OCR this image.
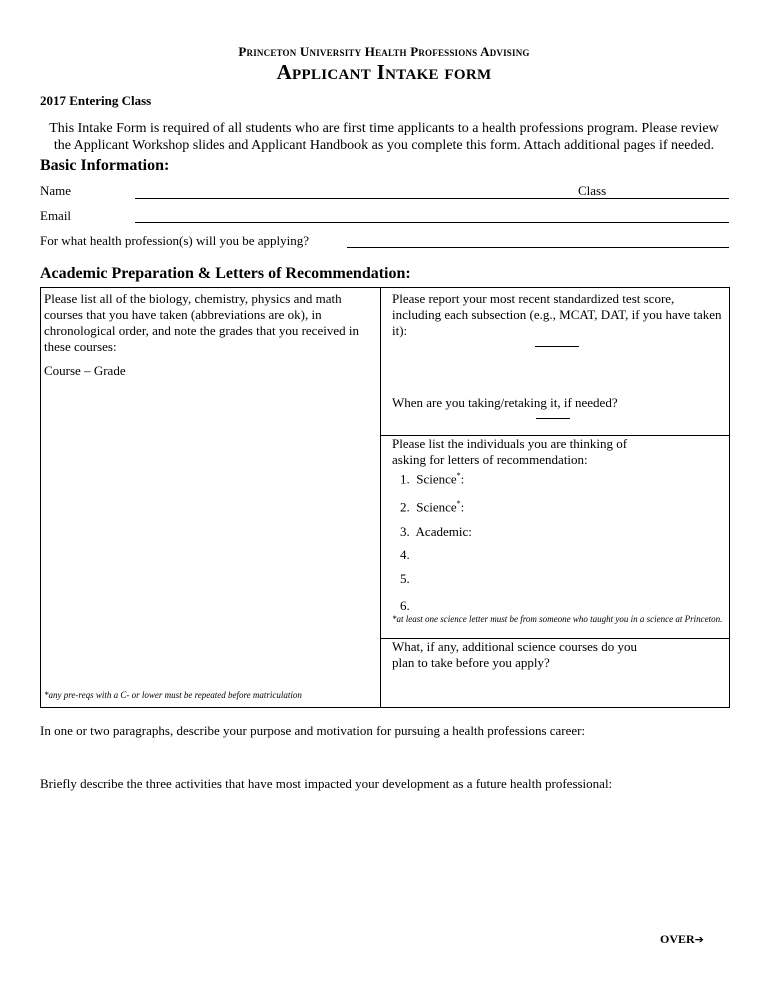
Princeton University Health Professions Advising
Applicant Intake form
2017 Entering Class
This Intake Form is required of all students who are first time applicants to a health professions program. Please review the Applicant Workshop slides and Applicant Handbook as you complete this form. Attach additional pages if needed.
Basic Information:
Name	Class
Email
For what health profession(s) will you be applying?
Academic Preparation & Letters of Recommendation:
Please list all of the biology, chemistry, physics and math courses that you have taken (abbreviations are ok), in chronological order, and note the grades that you received in these courses:
Course – Grade
*any pre-reqs with a C- or lower must be repeated before matriculation
Please report your most recent standardized test score, including each subsection (e.g., MCAT, DAT, if you have taken it):
When are you taking/retaking it, if needed?
Please list the individuals you are thinking of
asking for letters of recommendation:
1. Science*:
2. Science*:
3. Academic:
4.
5.
6.
*at least one science letter must be from someone who taught you in a science at Princeton.
What, if any, additional science courses do you
plan to take before you apply?
In one or two paragraphs, describe your purpose and motivation for pursuing a health professions career:
Briefly describe the three activities that have most impacted your development as a future health professional:
OVER➔
